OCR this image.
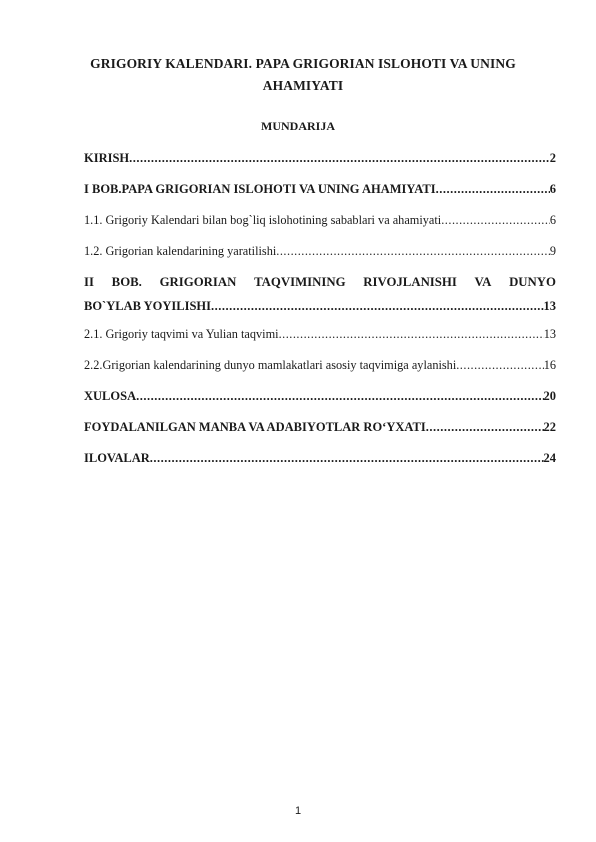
GRIGORIY KALENDARI. PAPA GRIGORIAN ISLOHOTI VA UNING AHAMIYATI
MUNDARIJA
KIRISH .....	2
I BOB.PAPA GRIGORIAN ISLOHOTI VA UNING AHAMIYATI .....	6
1.1. Grigoriy Kalendari bilan bog`liq islohotining sabablari va ahamiyati .....	6
1.2. Grigorian kalendarining yaratilishi .....	9
II BOB. GRIGORIAN TAQVIMINING RIVOJLANISHI VA DUNYO
BO`YLAB YOYILISHI .....	13
2.1. Grigoriy taqvimi va Yulian taqvimi .....	13
2.2.Grigorian kalendarining dunyo mamlakatlari asosiy taqvimiga aylanishi .....	16
XULOSA .....	20
FOYDALANILGAN MANBA VA ADABIYOTLAR RO‘YXATI .....	22
ILOVALAR .....	24
1
